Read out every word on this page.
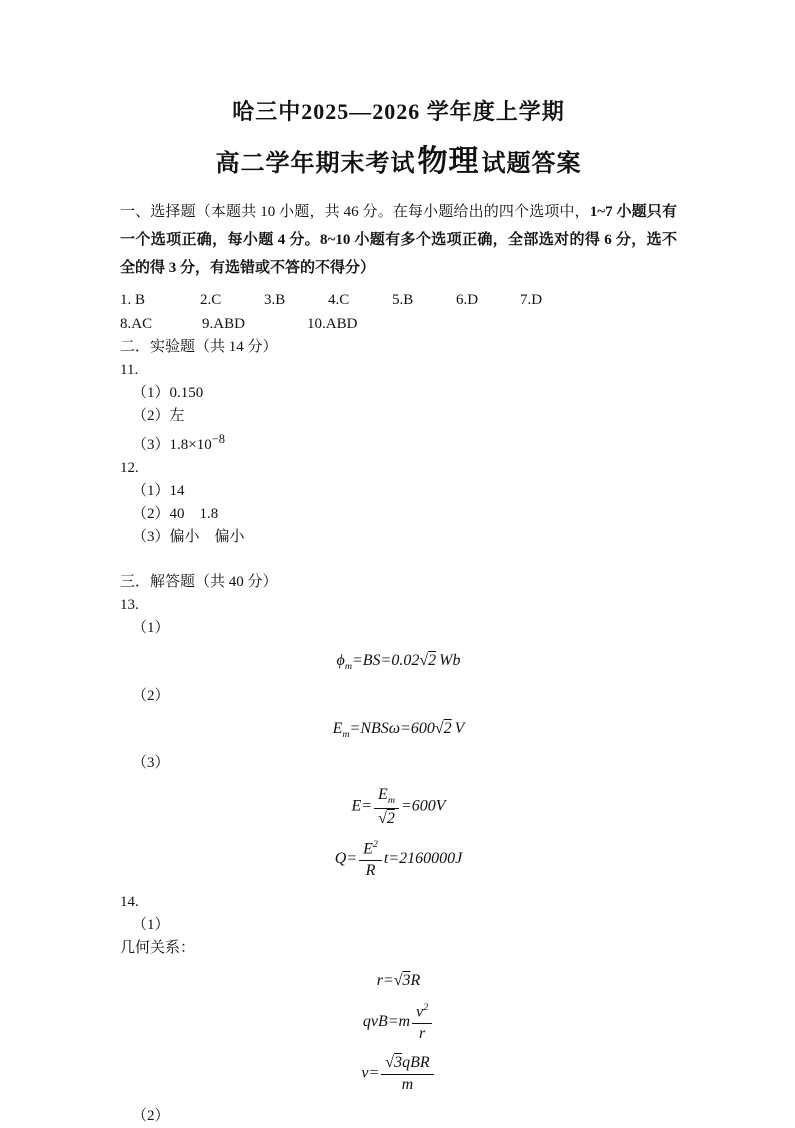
哈三中2025—2026 学年度上学期
高二学年期末考试物理试题答案

一、选择题（本题共 10 小题，共 46 分。在每小题给出的四个选项中，1~7 小题只有一个选项正确，每小题 4 分。8~10 小题有多个选项正确，全部选对的得 6 分，选不全的得 3 分，有选错或不答的不得分）

1. B	2.C	3.B	4.C	5.B	6.D	7.D
8.AC	9.ABD	10.ABD
二．实验题（共 14 分）
11.
（1）0.150
（2）左
$(3)1.8\times 10^{-8}$
12.
（1）14
（2）40　1.8
（3）偏小　偏小
三．解答题（共 40 分）
13.
（1）
$\phi_m=BS=0.02√2$ Wb
（2）
$E_m=NBS\omega=600√2$ V
（3）
$E= \frac{E_m}{√2} =600V$
$Q= \frac{E^2}{R} t=2160000J$
14.
（1）
几何关系：
r=√3R
$qvB=m \frac{v^2}{r}$
$v= \frac{\text{√3qBR}}{m}$
（2）
